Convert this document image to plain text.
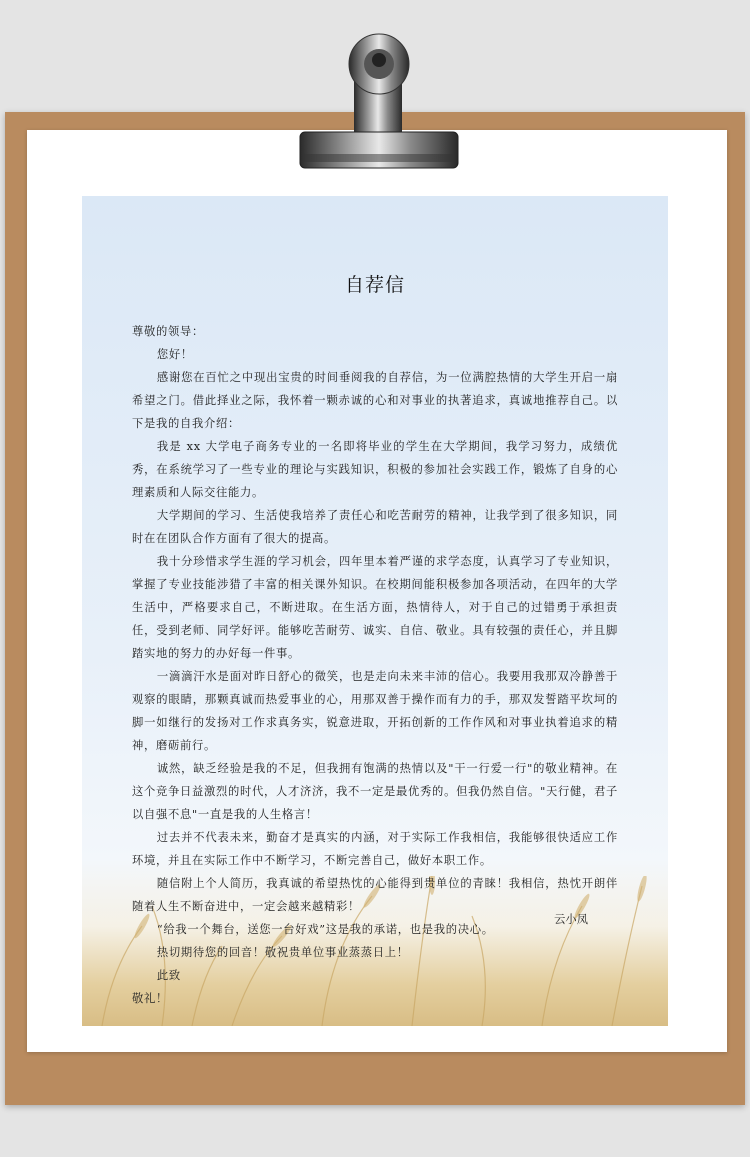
自荐信

尊敬的领导：

您好！

感谢您在百忙之中现出宝贵的时间垂阅我的自荐信，为一位满腔热情的大学生开启一扇希望之门。借此择业之际，我怀着一颗赤诚的心和对事业的执著追求，真诚地推荐自己。以下是我的自我介绍：

我是 xx 大学电子商务专业的一名即将毕业的学生在大学期间，我学习努力，成绩优秀，在系统学习了一些专业的理论与实践知识，积极的参加社会实践工作，锻炼了自身的心理素质和人际交往能力。

大学期间的学习、生活使我培养了责任心和吃苦耐劳的精神，让我学到了很多知识，同时在在团队合作方面有了很大的提高。

我十分珍惜求学生涯的学习机会，四年里本着严谨的求学态度，认真学习了专业知识，掌握了专业技能涉猎了丰富的相关课外知识。在校期间能积极参加各项活动，在四年的大学生活中，严格要求自己，不断进取。在生活方面，热情待人，对于自己的过错勇于承担责任，受到老师、同学好评。能够吃苦耐劳、诚实、自信、敬业。具有较强的责任心，并且脚踏实地的努力的办好每一件事。

一滴滴汗水是面对昨日舒心的微笑，也是走向未来丰沛的信心。我要用我那双冷静善于观察的眼睛，那颗真诚而热爱事业的心，用那双善于操作而有力的手，那双发誓踏平坎坷的脚一如继行的发扬对工作求真务实，锐意进取，开拓创新的工作作风和对事业执着追求的精神，磨砺前行。

诚然，缺乏经验是我的不足，但我拥有饱满的热情以及"干一行爱一行"的敬业精神。在这个竞争日益激烈的时代，人才济济，我不一定是最优秀的。但我仍然自信。"天行健，君子以自强不息"一直是我的人生格言！

过去并不代表未来，勤奋才是真实的内涵，对于实际工作我相信，我能够很快适应工作环境，并且在实际工作中不断学习，不断完善自己，做好本职工作。

随信附上个人简历，我真诚的希望热忱的心能得到贵单位的青睐！我相信，热忱开朗伴随着人生不断奋进中，一定会越来越精彩！

“给我一个舞台，送您一台好戏”这是我的承诺，也是我的决心。

热切期待您的回音！敬祝贵单位事业蒸蒸日上！

此致

敬礼！

云小凤
